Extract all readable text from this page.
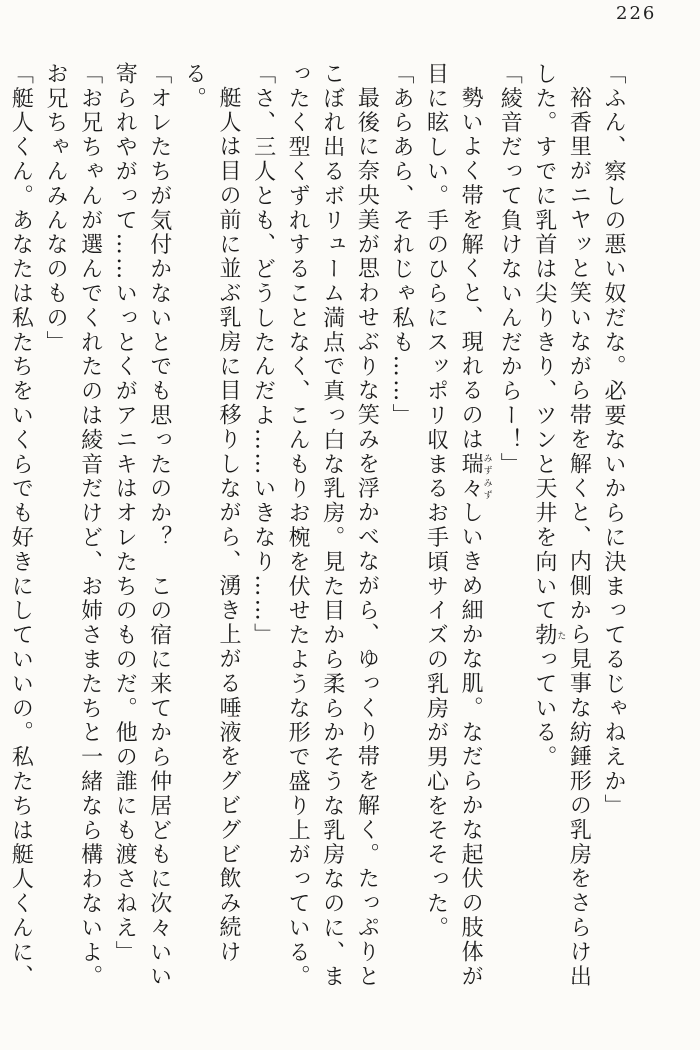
226

「ふん、察しの悪い奴だな。必要ないからに決まってるじゃねえか」

裕香里がニヤッと笑いながら帯を解くと、内側から見事な紡錘形の乳房をさらけ出した。すでに乳首は尖りきり、ツンと天井を向いて勃たっている。

「綾音だって負けないんだからー！」

勢いよく帯を解くと、現れるのは瑞々みずみずしいきめ細かな肌。なだらかな起伏の肢体が目に眩しい。手のひらにスッポリ収まるお手頃サイズの乳房が男心をそそった。

「あらあら、それじゃ私も……」

最後に奈央美が思わせぶりな笑みを浮かべながら、ゆっくり帯を解く。たっぷりとこぼれ出るボリューム満点で真っ白な乳房。見た目から柔らかそうな乳房なのに、まったく型くずれすることなく、こんもりお椀を伏せたような形で盛り上がっている。

「さ、三人とも、どうしたんだよ……いきなり……」

艇人は目の前に並ぶ乳房に目移りしながら、湧き上がる唾液をグビグビ飲み続ける。

「オレたちが気付かないとでも思ったのか？　この宿に来てから仲居どもに次々いい寄られやがって……いっとくがアニキはオレたちのものだ。他の誰にも渡さねえ」

「お兄ちゃんが選んでくれたのは綾音だけど、お姉さまたちと一緒なら構わないよ。お兄ちゃんみんなのもの」

「艇人くん。あなたは私たちをいくらでも好きにしていいの。私たちは艇人くんに、
